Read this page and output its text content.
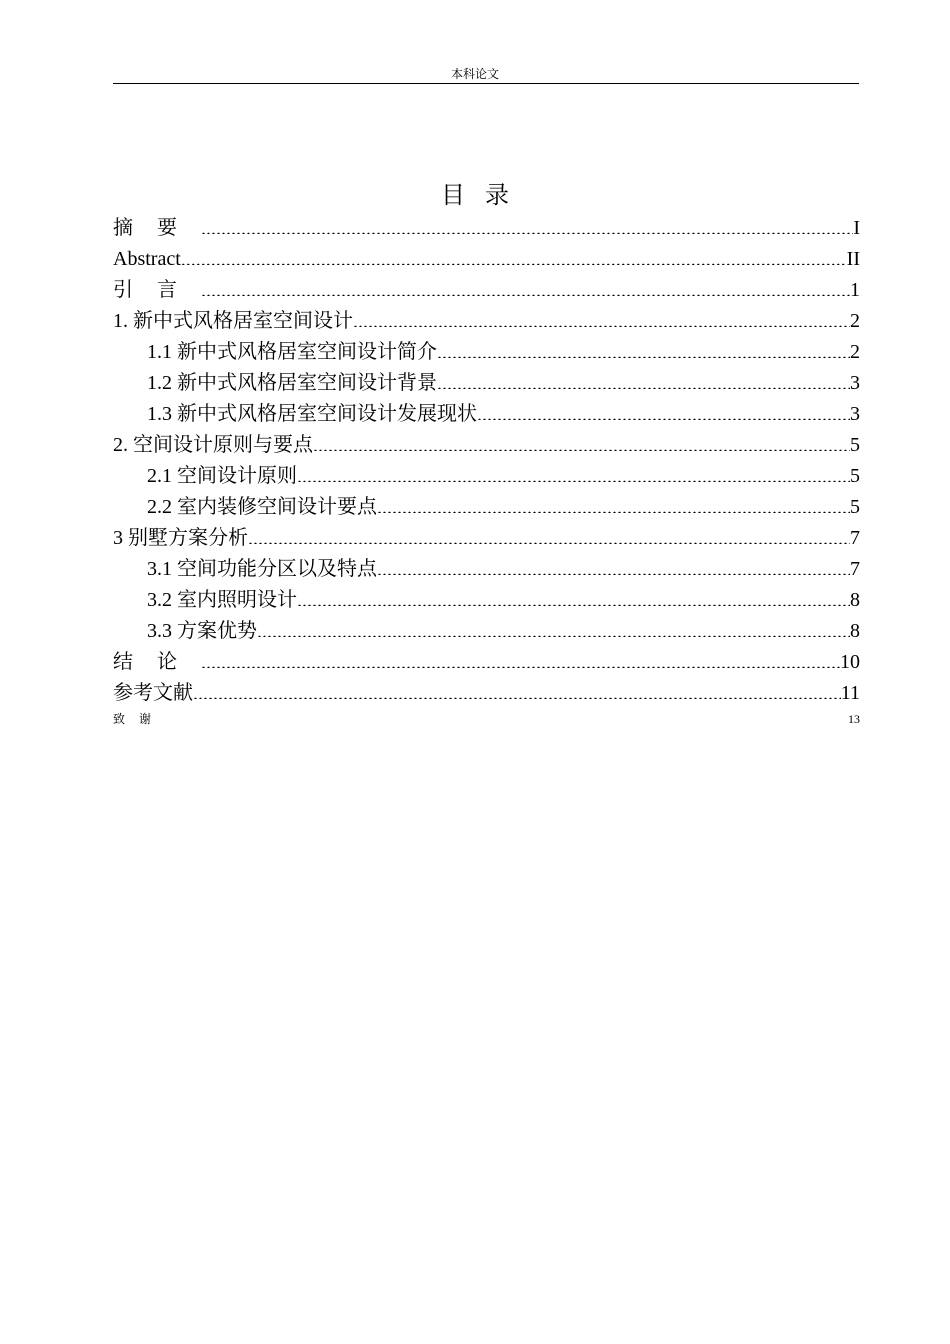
本科论文
目录
摘要 .....	I
Abstract .....	II
引言 .....	1
1. 新中式风格居室空间设计 .....	2
1.1 新中式风格居室空间设计简介 .....	2
1.2 新中式风格居室空间设计背景 .....	3
1.3 新中式风格居室空间设计发展现状 .....	3
2. 空间设计原则与要点 .....	5
2.1 空间设计原则 .....	5
2.2 室内装修空间设计要点 .....	5
3 别墅方案分析 .....	7
3.1 空间功能分区以及特点 .....	7
3.2 室内照明设计 .....	8
3.3 方案优势 .....	8
结论 .....	10
参考文献 .....	11
致谢 .....	13
